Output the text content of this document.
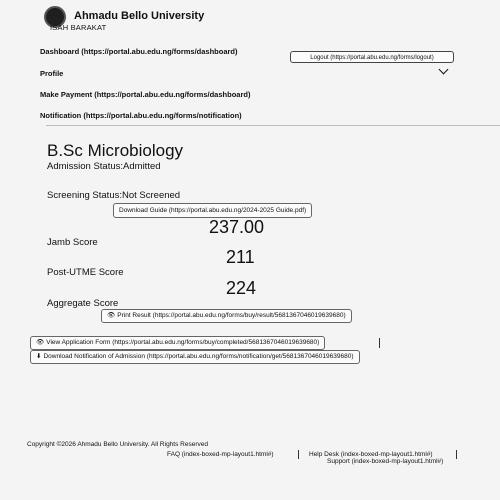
Ahmadu Bello University
ISAH BARAKAT
Dashboard (https://portal.abu.edu.ng/forms/dashboard)
Logout (https://portal.abu.edu.ng/forms/logout)
Profile
Make Payment (https://portal.abu.edu.ng/forms/dashboard)
Notification (https://portal.abu.edu.ng/forms/notification)
B.Sc Microbiology
Admission Status:Admitted
Screening Status:Not Screened
Download Guide (https://portal.abu.edu.ng/2024-2025 Guide.pdf)
237.00
Jamb Score
211
Post-UTME Score
224
Aggregate Score
👁 Print Result (https://portal.abu.edu.ng/forms/buy/result/5681367046019639680)
👁 View Application Form (https://portal.abu.edu.ng/forms/buy/completed/5681367046019639680)
⬇ Download Notification of Admission (https://portal.abu.edu.ng/forms/notification/get/5681367046019639680)
Copyright ©2026 Ahmadu Bello University. All Rights Reserved
FAQ (index-boxed-mp-layout1.html#)	Help Desk (index-boxed-mp-layout1.html#)
Support (index-boxed-mp-layout1.html#)
